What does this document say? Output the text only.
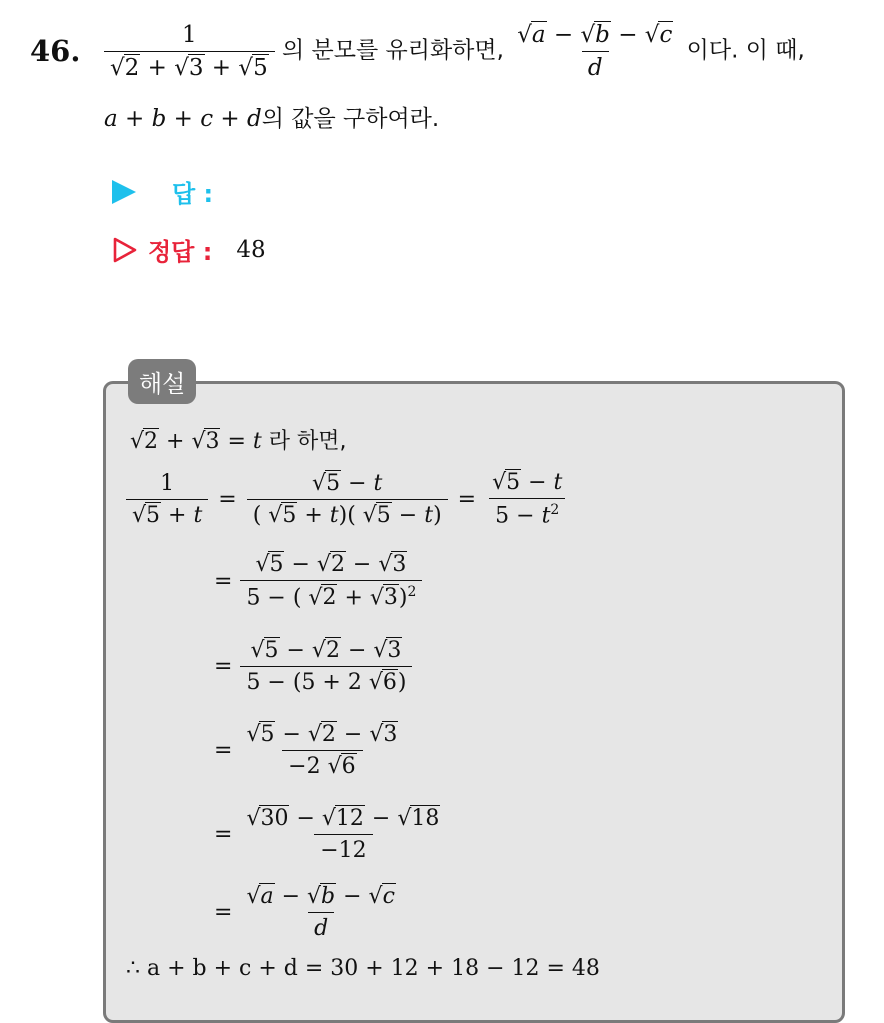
46. $\frac{1}{√2 + √3 + √5}$ 의 분모를 유리화하면, $\frac{√a - √b - √c}{d}$ 이다. 이 때,
a + b + c + d의 값을 구하여라.
답 :
정답 : 48
해설
√2 + √3 = t 라 하면,
$\frac{1}{√5 + t} = \frac{√5 - t}{( √5 + t)( √5 - t)} = \frac{√5 - t}{5 - t^2}$
= $\frac{√5 - √2 - √3}{5 - ( √2 + √3)^2}$
= $\frac{√5 - √2 - √3}{5 - (5 + 2 √6)}$
= $\frac{√5 - √2 - √3}{-2 √6}$
= $\frac{√30 - √12 - √18}{-12}$
= $\frac{√a - √b - √c}{d}$
∴ a + b + c + d = 30 + 12 + 18 − 12 = 48
